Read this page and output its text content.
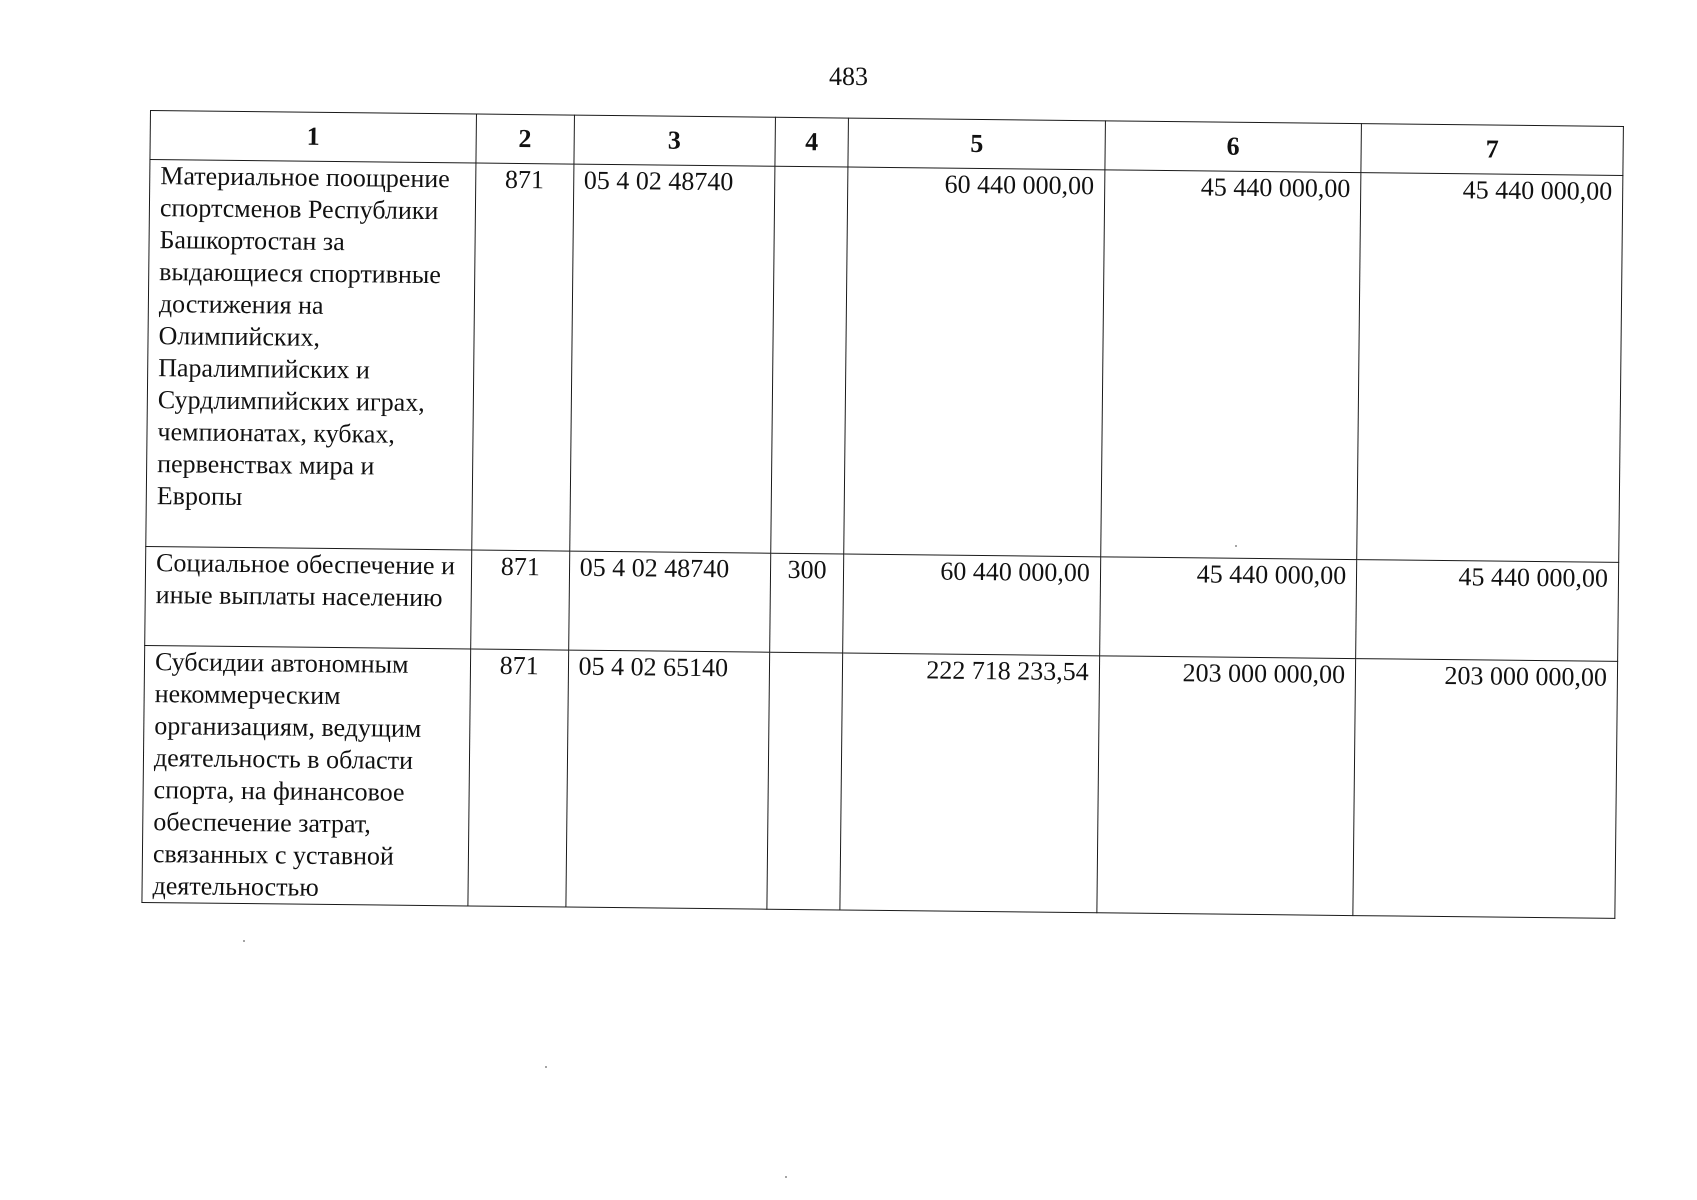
483
1	2	3	4	5	6	7
Материальное поощрение спортсменов Республики Башкортостан за выдающиеся спортивные достижения на Олимпийских, Паралимпийских и Сурдлимпийских играх, чемпионатах, кубках, первенствах мира и Европы	871	05 4 02 48740		60 440 000,00	45 440 000,00	45 440 000,00
Социальное обеспечение и иные выплаты населению	871	05 4 02 48740	300	60 440 000,00	45 440 000,00	45 440 000,00
Субсидии автономным некоммерческим организациям, ведущим деятельность в области спорта, на финансовое обеспечение затрат, связанных с уставной деятельностью	871	05 4 02 65140		222 718 233,54	203 000 000,00	203 000 000,00
